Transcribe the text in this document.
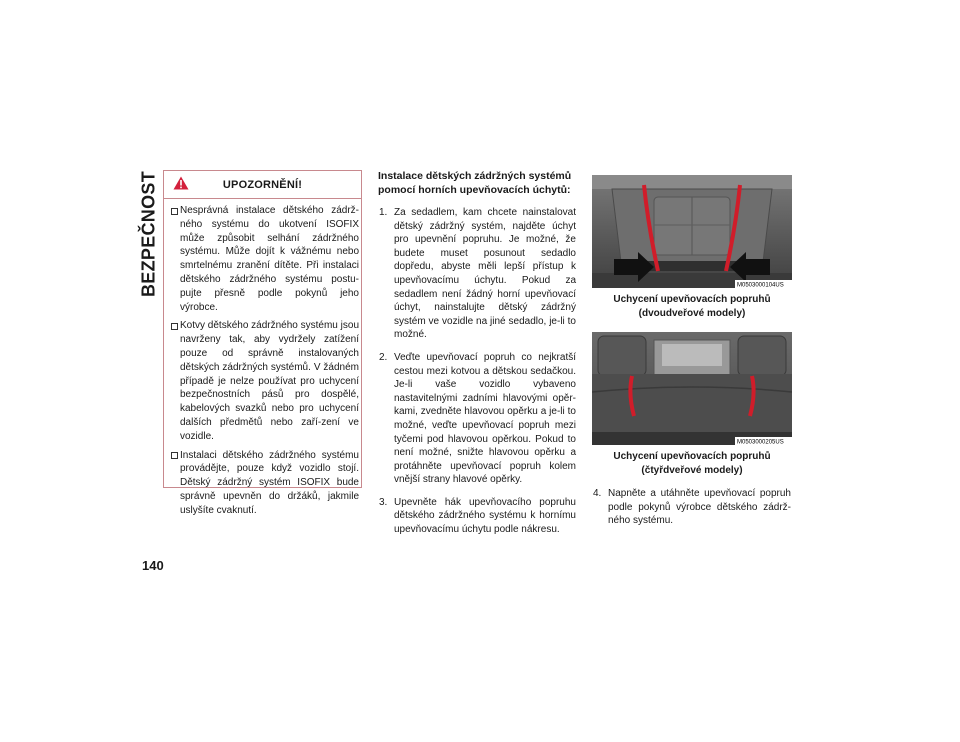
BEZPEČNOST
140
UPOZORNĚNÍ!
Nesprávná instalace dětského zádrž-ného systému do ukotvení ISOFIX může způsobit selhání zádržného systému. Může dojít k vážnému nebo smrtelnému zranění dítěte. Při instalaci dětského zádržného systému postu-pujte přesně podle pokynů jeho výrobce.
Kotvy dětského zádržného systému jsou navrženy tak, aby vydržely zatížení pouze od správně instalovaných dětských zádržných systémů. V žádném případě je nelze používat pro uchycení bezpečnostních pásů pro dospělé, kabelových svazků nebo pro uchycení dalších předmětů nebo zaří-zení ve vozidle.
Instalaci dětského zádržného systému provádějte, pouze když vozidlo stojí. Dětský zádržný systém ISOFIX bude správně upevněn do držáků, jakmile uslyšíte cvaknutí.
Instalace dětských zádržných systémů pomocí horních upevňovacích úchytů:
1. Za sedadlem, kam chcete nainstalovat dětský zádržný systém, najděte úchyt pro upevnění popruhu. Je možné, že budete muset posunout sedadlo dopředu, abyste měli lepší přístup k upevňovacímu úchytu. Pokud za sedadlem není žádný horní upevňovací úchyt, nainstalujte dětský zádržný systém ve vozidle na jiné sedadlo, je-li to možné.
2. Veďte upevňovací popruh co nejkratší cestou mezi kotvou a dětskou sedačkou. Je-li vaše vozidlo vybaveno nastavitelnými zadními hlavovými opěr-kami, zvedněte hlavovou opěrku a je-li to možné, veďte upevňovací popruh mezi tyčemi pod hlavovou opěrkou. Pokud to není možné, snižte hlavovou opěrku a protáhněte upevňovací popruh kolem vnější strany hlavové opěrky.
3. Upevněte hák upevňovacího popruhu dětského zádržného systému k hornímu upevňovacímu úchytu podle nákresu.
M0503000104US
Uchycení upevňovacích popruhů (dvoudveřové modely)
M0503000205US
Uchycení upevňovacích popruhů (čtyřdveřové modely)
4. Napněte a utáhněte upevňovací popruh podle pokynů výrobce dětského zádrž-ného systému.
